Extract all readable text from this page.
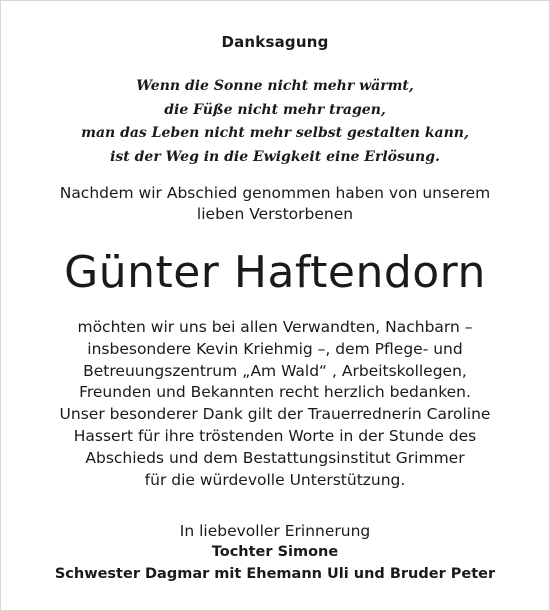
Danksagung
Wenn die Sonne nicht mehr wärmt,
die Füße nicht mehr tragen,
man das Leben nicht mehr selbst gestalten kann,
ist der Weg in die Ewigkeit eine Erlösung.
Nachdem wir Abschied genommen haben von unserem
lieben Verstorbenen
Günter Haftendorn
möchten wir uns bei allen Verwandten, Nachbarn –
insbesondere Kevin Kriehmig –, dem Pflege- und
Betreuungszentrum „Am Wald“ , Arbeitskollegen,
Freunden und Bekannten recht herzlich bedanken.
Unser besonderer Dank gilt der Trauerrednerin Caroline
Hassert für ihre tröstenden Worte in der Stunde des
Abschieds und dem Bestattungsinstitut Grimmer
für die würdevolle Unterstützung.
In liebevoller Erinnerung
Tochter Simone
Schwester Dagmar mit Ehemann Uli und Bruder Peter
